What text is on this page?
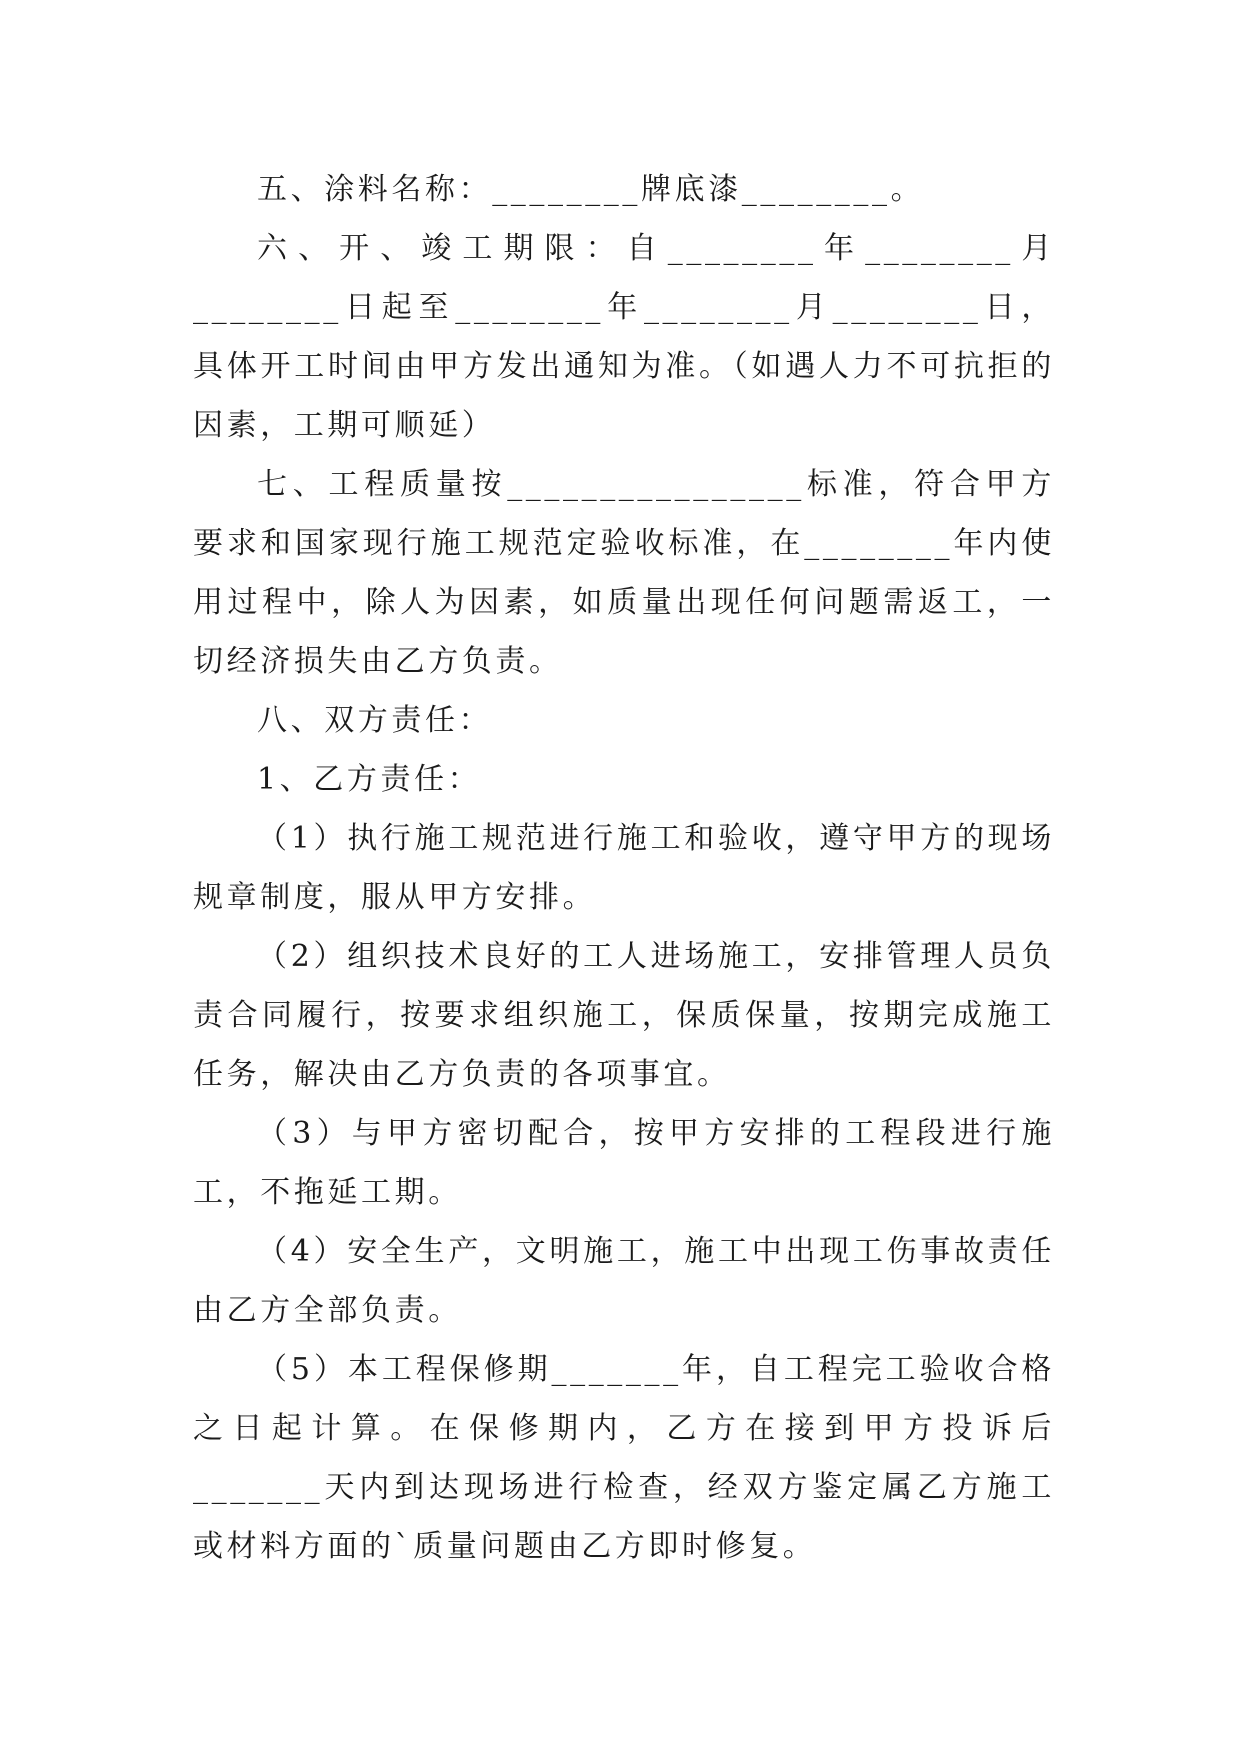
五、涂料名称：________牌底漆________。

六、开、竣工期限：自________年________月________日起至________年________月________日，具体开工时间由甲方发出通知为准。（如遇人力不可抗拒的因素，工期可顺延）

七、工程质量按________________标准，符合甲方要求和国家现行施工规范定验收标准，在________年内使用过程中，除人为因素，如质量出现任何问题需返工，一切经济损失由乙方负责。

八、双方责任：

1、乙方责任：

（1）执行施工规范进行施工和验收，遵守甲方的现场规章制度，服从甲方安排。

（2）组织技术良好的工人进场施工，安排管理人员负责合同履行，按要求组织施工，保质保量，按期完成施工任务，解决由乙方负责的各项事宜。

（3）与甲方密切配合，按甲方安排的工程段进行施工，不拖延工期。

（4）安全生产，文明施工，施工中出现工伤事故责任由乙方全部负责。

（5）本工程保修期_______年，自工程完工验收合格之日起计算。在保修期内，乙方在接到甲方投诉后_______天内到达现场进行检查，经双方鉴定属乙方施工或材料方面的`质量问题由乙方即时修复。
